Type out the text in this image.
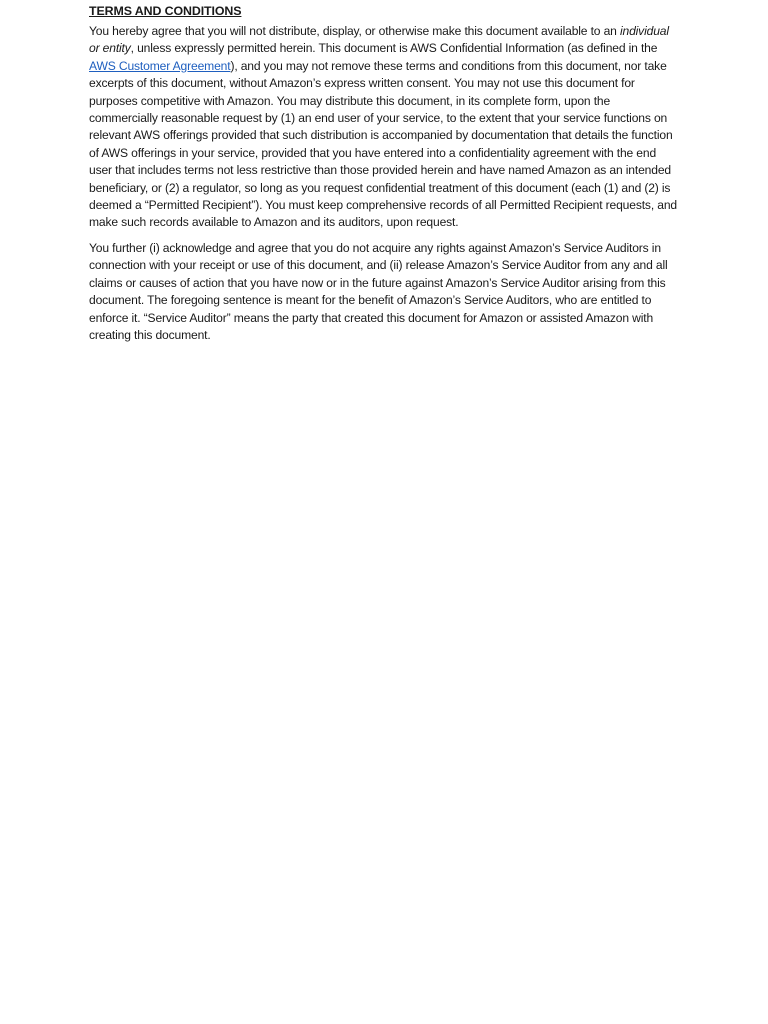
TERMS AND CONDITIONS

You hereby agree that you will not distribute, display, or otherwise make this document available to an individual or entity, unless expressly permitted herein. This document is AWS Confidential Information (as defined in the AWS Customer Agreement), and you may not remove these terms and conditions from this document, nor take excerpts of this document, without Amazon’s express written consent. You may not use this document for purposes competitive with Amazon. You may distribute this document, in its complete form, upon the commercially reasonable request by (1) an end user of your service, to the extent that your service functions on relevant AWS offerings provided that such distribution is accompanied by documentation that details the function of AWS offerings in your service, provided that you have entered into a confidentiality agreement with the end user that includes terms not less restrictive than those provided herein and have named Amazon as an intended beneficiary, or (2) a regulator, so long as you request confidential treatment of this document (each (1) and (2) is deemed a “Permitted Recipient”). You must keep comprehensive records of all Permitted Recipient requests, and make such records available to Amazon and its auditors, upon request.

You further (i) acknowledge and agree that you do not acquire any rights against Amazon’s Service Auditors in connection with your receipt or use of this document, and (ii) release Amazon’s Service Auditor from any and all claims or causes of action that you have now or in the future against Amazon’s Service Auditor arising from this document. The foregoing sentence is meant for the benefit of Amazon’s Service Auditors, who are entitled to enforce it. “Service Auditor” means the party that created this document for Amazon or assisted Amazon with creating this document.
